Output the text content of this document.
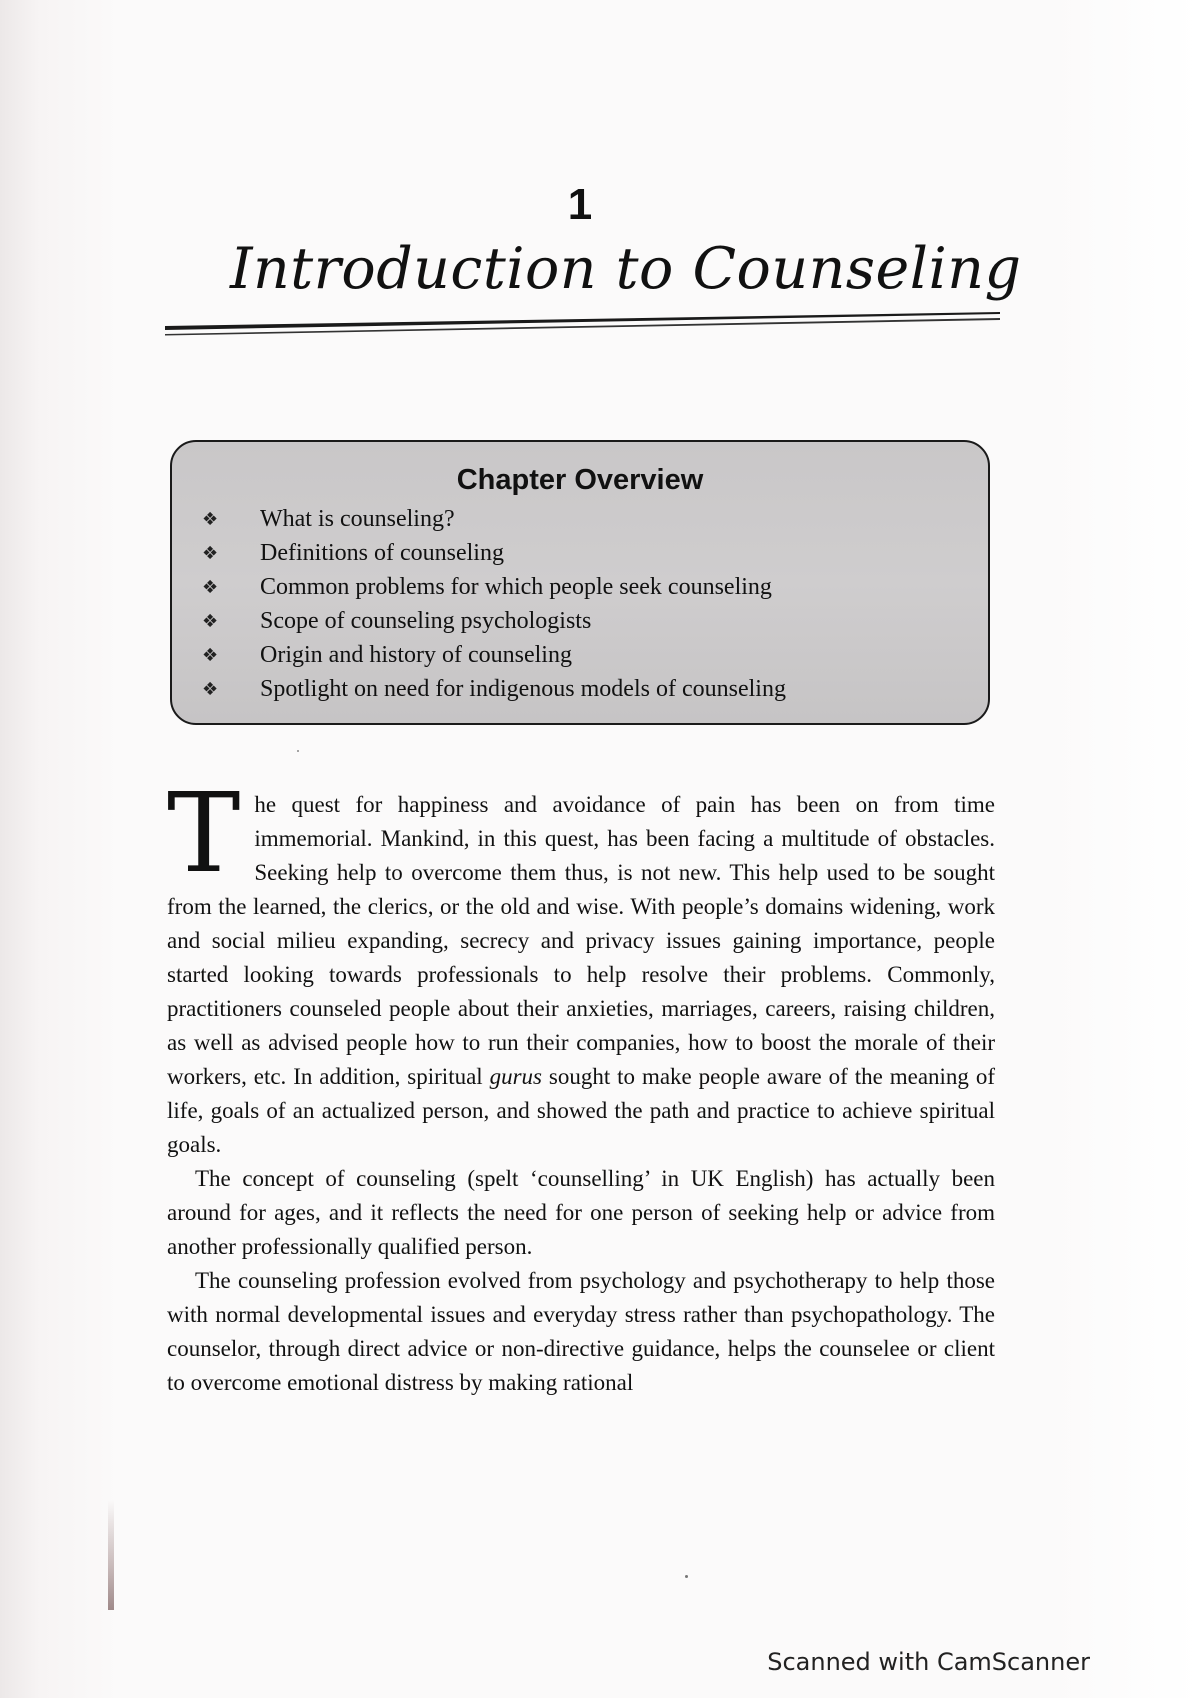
1
Introduction to Counseling
Chapter Overview
❖	What is counseling?
❖	Definitions of counseling
❖	Common problems for which people seek counseling
❖	Scope of counseling psychologists
❖	Origin and history of counseling
❖	Spotlight on need for indigenous models of counseling

The quest for happiness and avoidance of pain has been on from time immemorial. Mankind, in this quest, has been facing a multitude of obstacles. Seeking help to overcome them thus, is not new. This help used to be sought from the learned, the clerics, or the old and wise. With people’s domains widening, work and social milieu expanding, secrecy and privacy issues gaining importance, people started looking towards professionals to help resolve their problems. Commonly, practitioners counseled people about their anxieties, marriages, careers, raising children, as well as advised people how to run their companies, how to boost the morale of their workers, etc. In addition, spiritual gurus sought to make people aware of the meaning of life, goals of an actualized person, and showed the path and practice to achieve spiritual goals.

The concept of counseling (spelt ‘counselling’ in UK English) has actually been around for ages, and it reflects the need for one person of seeking help or advice from another professionally qualified person.

The counseling profession evolved from psychology and psychotherapy to help those with normal developmental issues and everyday stress rather than psychopathology. The counselor, through direct advice or non-directive guidance, helps the counselee or client to overcome emotional distress by making rational

Scanned with CamScanner
